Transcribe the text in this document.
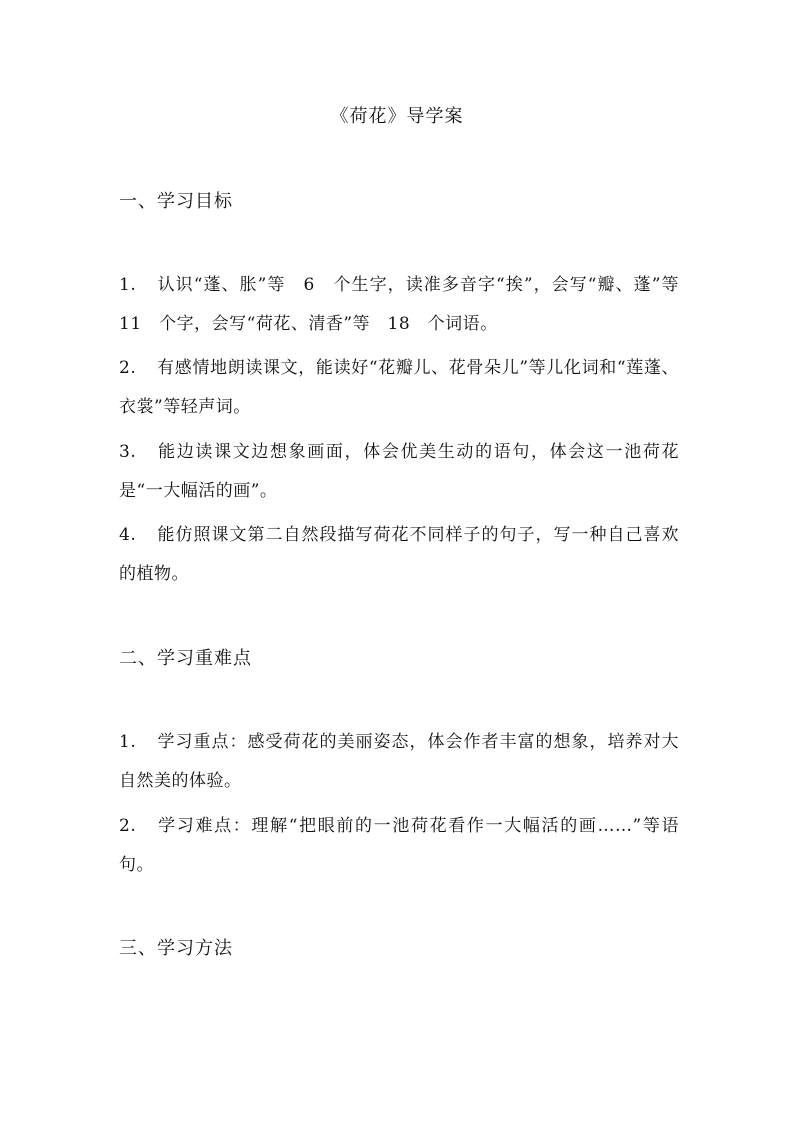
《荷花》导学案
一、学习目标
1. 认识“蓬、胀”等　6　个生字，读准多音字“挨”，会写“瓣、蓬”等　11　个字，会写“荷花、清香”等　18　个词语。
2. 有感情地朗读课文，能读好“花瓣儿、花骨朵儿”等儿化词和“莲蓬、衣裳”等轻声词。
3. 能边读课文边想象画面，体会优美生动的语句，体会这一池荷花是“一大幅活的画”。
4. 能仿照课文第二自然段描写荷花不同样子的句子，写一种自己喜欢的植物。
二、学习重难点
1. 学习重点：感受荷花的美丽姿态，体会作者丰富的想象，培养对大自然美的体验。
2. 学习难点：理解“把眼前的一池荷花看作一大幅活的画……”等语句。
三、学习方法
